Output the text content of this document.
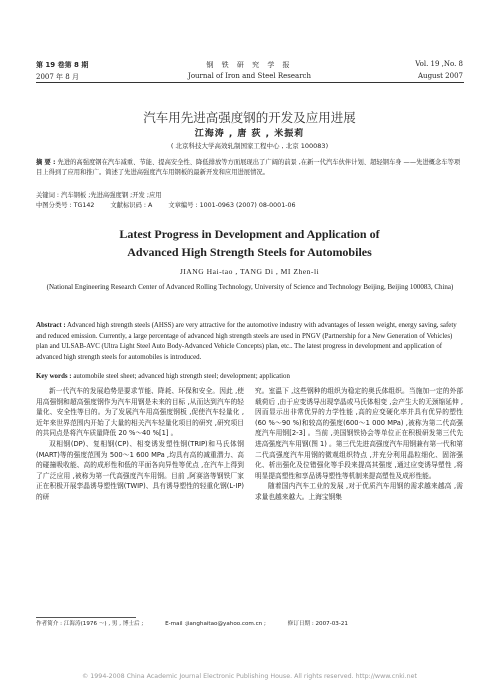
第 19 卷第 8 期
2007 年 8 月
钢 铁 研 究 学 报
Journal of Iron and Steel Research
Vol. 19 ,No. 8
August 2007
汽车用先进高强度钢的开发及应用进展
江海涛 , 唐 荻 , 米振莉
( 北京科技大学高效轧制国家工程中心 , 北京 100083)
摘 要 : 先进的高强度钢在汽车减重、节能、提高安全性、降低排放等方面展现出了广阔的前景 ,在新一代汽车伙伴计划、超轻钢车身 ——先进概念车等项目上得到了应用和推广。简述了先进高强度汽车用钢板的最新开发和应用进展情况。
关键词 : 汽车钢板 ;先进高强度钢 ;开发 ;应用
中图分类号 : TG142	文献标识码 : A	文章编号 : 1001-0963 (2007) 08-0001-06
Latest Progress in Development and Application of
Advanced High Strength Steels for Automobiles
JIANG Hai-tao , TANG Di , MI Zhen-li
(National Engineering Research Center of Advanced Rolling Technology, University of Science and Technology Beijing, Beijing 100083, China)
Abstract : Advanced high strength steels (AHSS) are very attractive for the automotive industry with advantages of lessen weight, energy saving, safety and reduced emission. Currently, a large percentage of advanced high strength steels are used in PNGV (Partnership for a New Generation of Vehicles) plan and ULSAB-AVC (Ultra Light Steel Auto Body-Advanced Vehicle Concepts) plan, etc.. The latest progress in development and application of advanced high strength steels for automobiles is introduced.
Key words : automobile steel sheet; advanced high strength steel; development; application

新一代汽车的发展趋势是要求节能、降耗、环保和安全。因此 ,使用高强钢和超高强度钢作为汽车用钢是未来的目标 ,从而达到汽车的轻量化、安全性等目的。为了发展汽车用高强度钢板 ,促使汽车轻量化 ,近年来世界范围内开始了大量的相关汽车轻量化项目的研究 ,研究项目的共同点是将汽车质量降低 20 %～40 %[1] 。

双相钢(DP)、复相钢(CP)、相变诱发塑性钢(TRIP)和马氏体钢(MART)等的强度范围为 500～1 600 MPa ,均具有高的减重潜力、高的碰撞吸收能、高的成形性和低的平面各向异性等优点 ,在汽车上得到了广泛应用 ,被称为第一代高强度汽车用钢。目前 ,阿赛洛等钢铁厂家正在积极开展孪晶诱导塑性钢(TWIP)、具有诱导塑性的轻重化钢(L-IP)的研

究。室温下 ,这些钢种的组织为稳定的奥氏体组织。当施加一定的外部载荷后 ,由于应变诱导出现孪晶或马氏体相变 ,会产生大的无颈缩延伸 ,因而显示出非常优异的力学性能 ,高的应变硬化率并具有优异的塑性(60 %～90 %)和较高的强度(600～1 000 MPa) ,被称为第二代高强度汽车用钢[2-3] 。当前 ,美国钢铁协会等单位正在积极研发第三代先进高强度汽车用钢(图 1) 。第三代先进高强度汽车用钢兼有第一代和第二代高强度汽车用钢的微观组织特点 ,并充分利用晶粒细化、固溶强化、析出强化及位错强化等手段来提高其强度 ,通过应变诱导塑性 ,将明显提高塑性和享品诱导塑性等机制来提高塑性及成形性能。

随着国内汽车工业的发展 ,对于优质汽车用钢的需求越来越高 ,需求量也越来越大。上海宝钢集

作者简介 : 江海涛(1976 ～) , 男 , 博士后 ;	E-mail :jianghaitao@yahoo.com.cn ;	修订日期 : 2007-03-21
© 1994-2008 China Academic Journal Electronic Publishing House. All rights reserved. http://www.cnki.net
